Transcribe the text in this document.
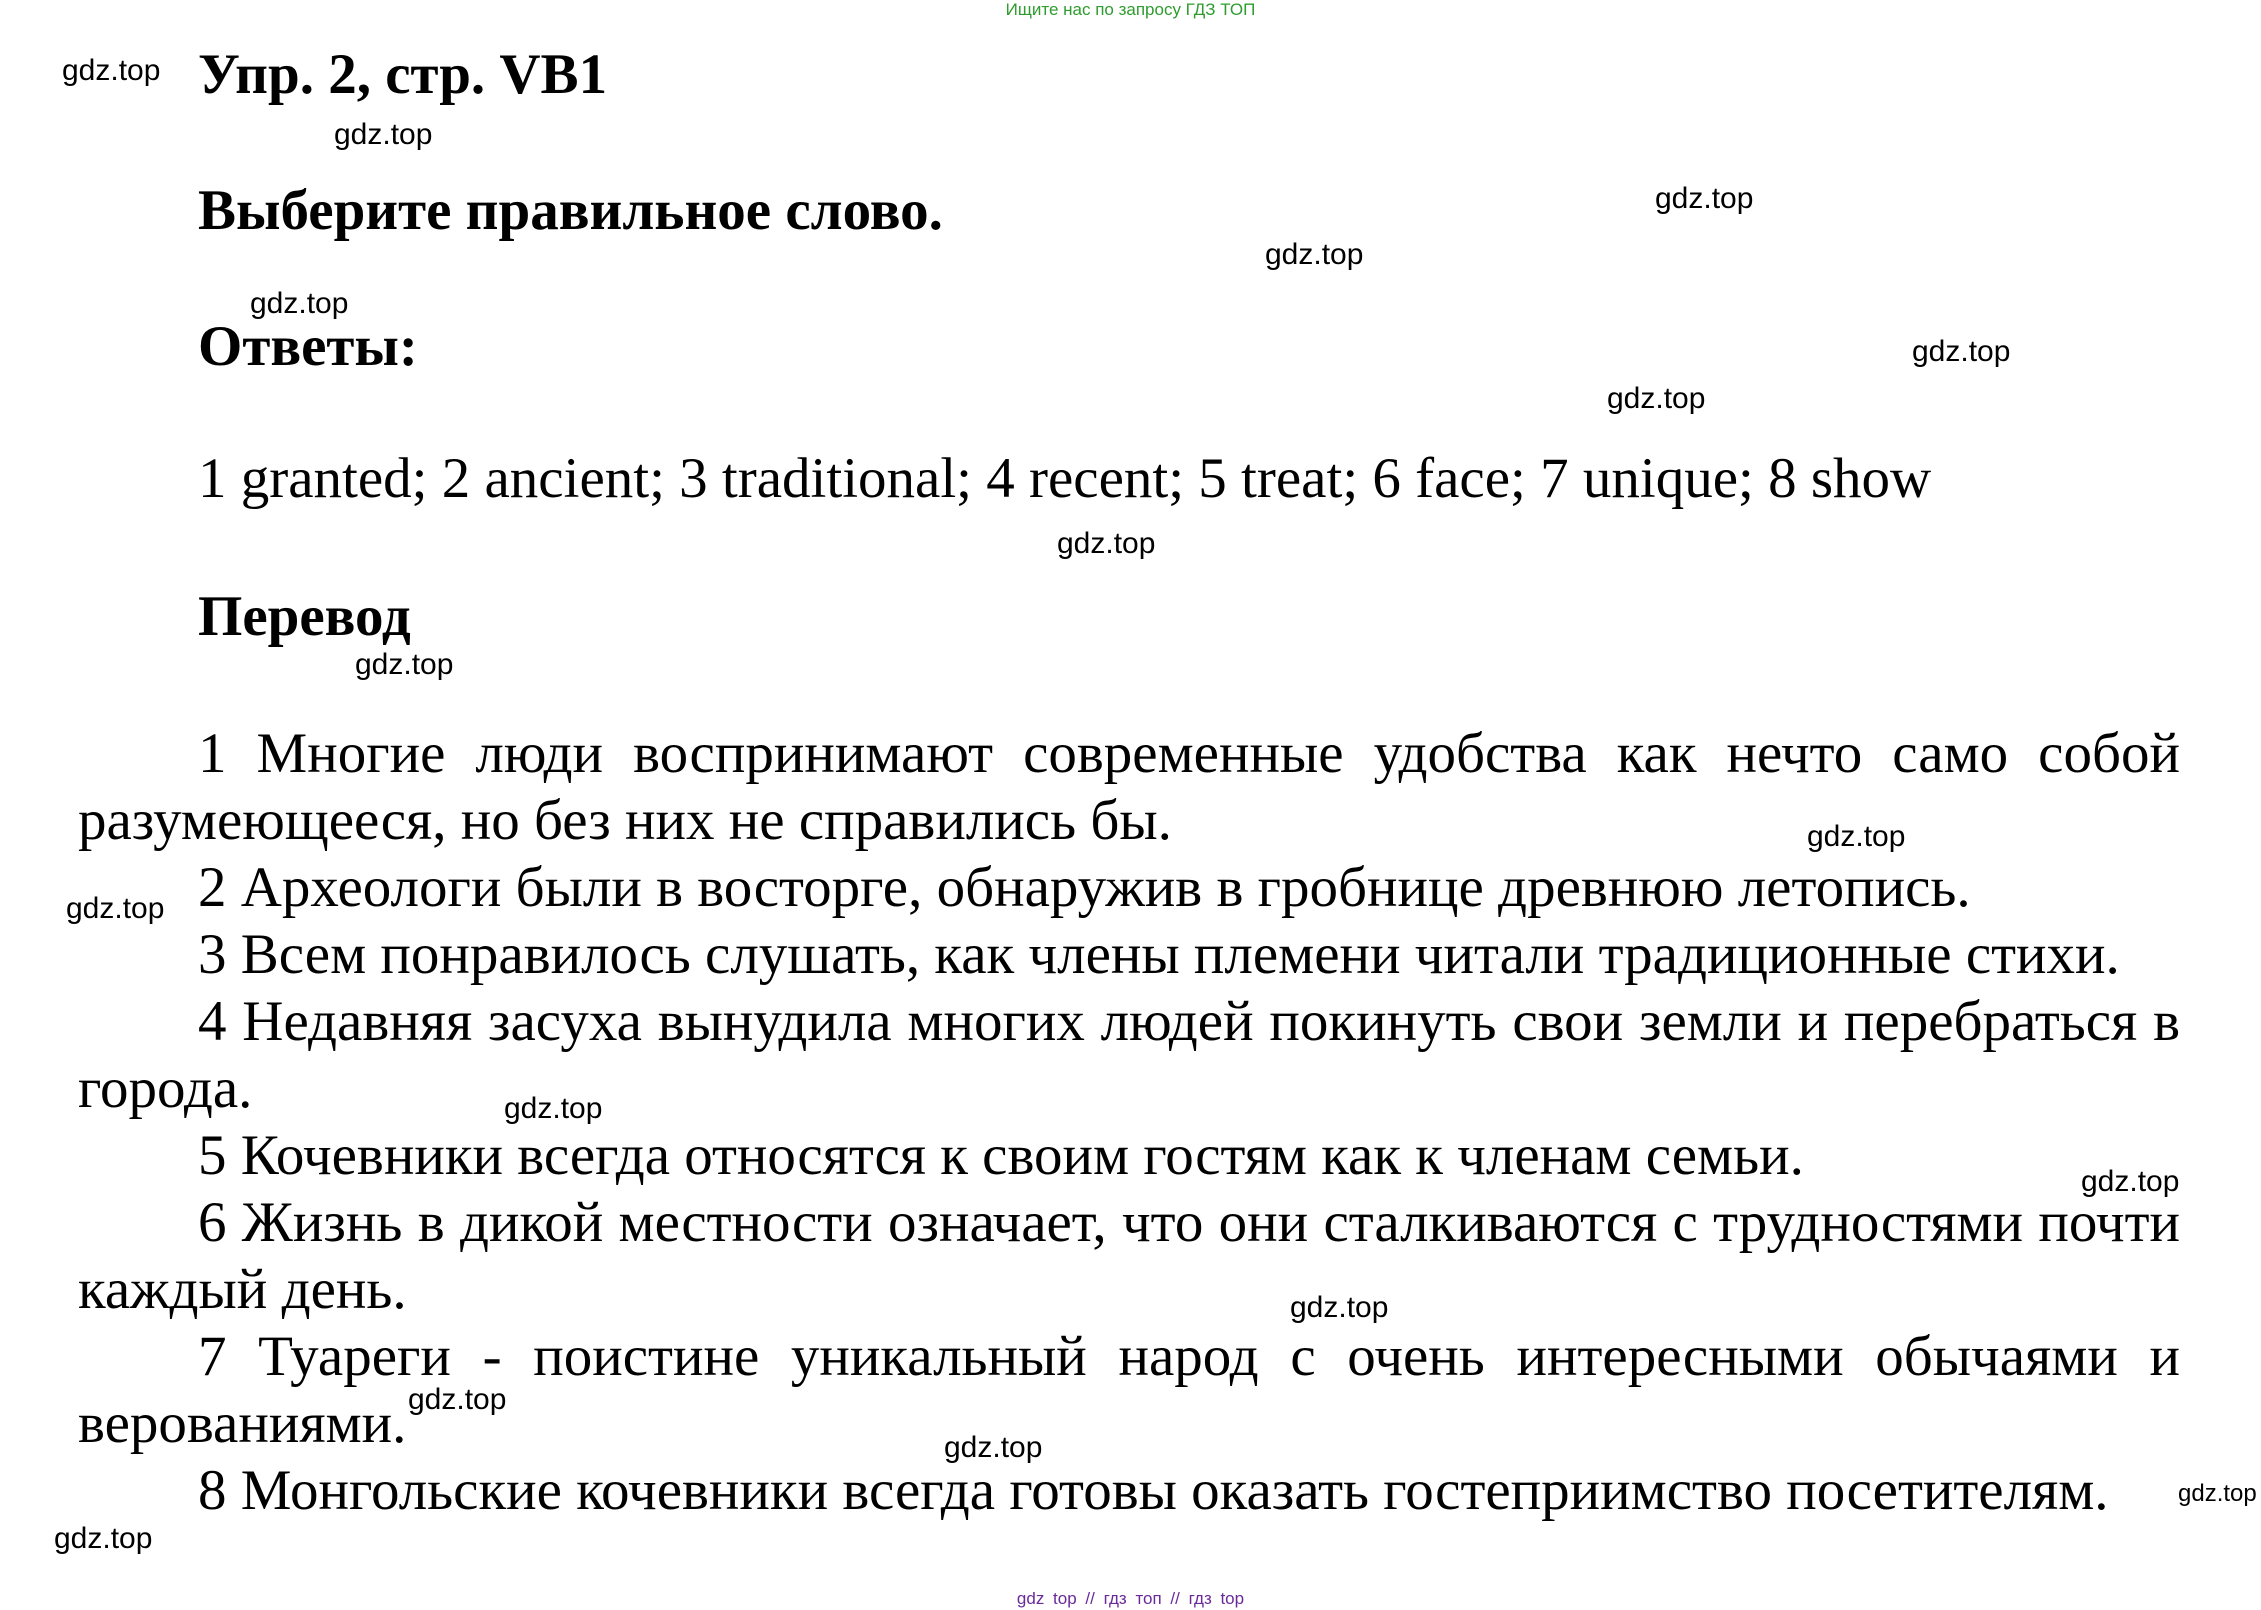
Ищите нас по запросу ГДЗ ТОП
Упр. 2, стр. VB1
Выберите правильное слово.
Ответы:
1 granted; 2 ancient; 3 traditional; 4 recent; 5 treat; 6 face; 7 unique; 8 show
Перевод
1 Многие люди воспринимают современные удобства как нечто само собой разумеющееся, но без них не справились бы.
2 Археологи были в восторге, обнаружив в гробнице древнюю летопись.
3 Всем понравилось слушать, как члены племени читали традиционные стихи.
4 Недавняя засуха вынудила многих людей покинуть свои земли и перебраться в города.
5 Кочевники всегда относятся к своим гостям как к членам семьи.
6 Жизнь в дикой местности означает, что они сталкиваются с трудностями почти каждый день.
7 Туареги - поистине уникальный народ с очень интересными обычаями и верованиями.
8 Монгольские кочевники всегда готовы оказать гостеприимство посетителям.
gdz.top
gdz.top
gdz.top
gdz.top
gdz.top
gdz.top
gdz.top
gdz.top
gdz.top
gdz.top
gdz.top
gdz.top
gdz.top
gdz.top
gdz.top
gdz.top
gdz.top
gdz.top
gdz top // гдз топ // гдз top
